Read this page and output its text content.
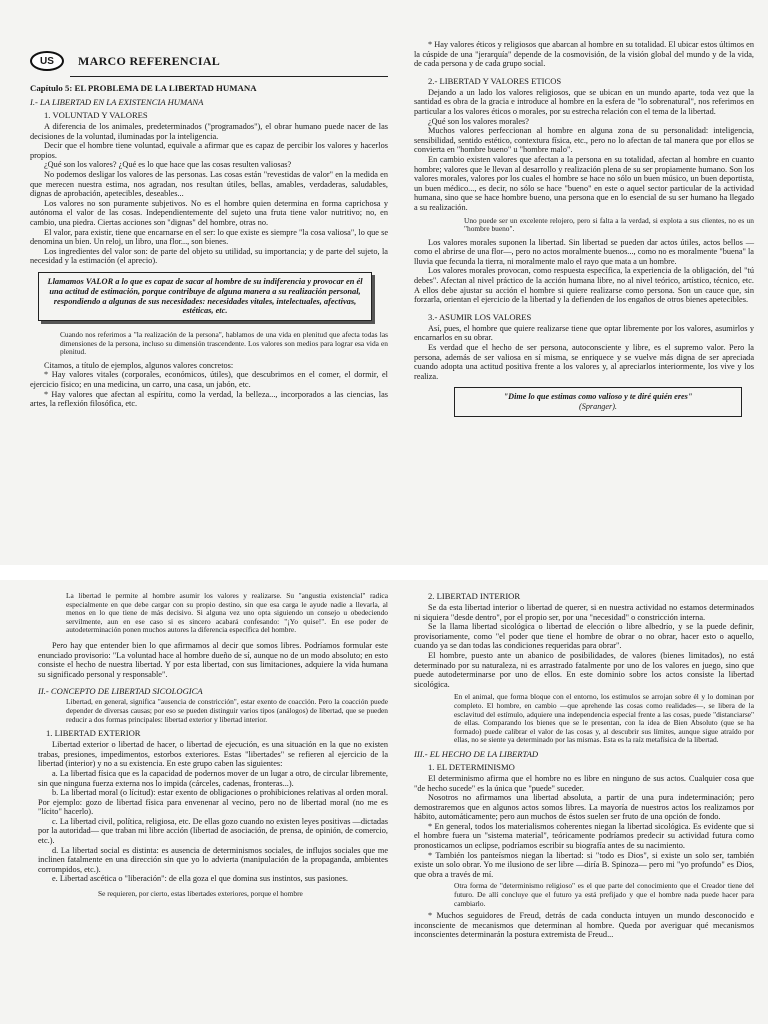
US	MARCO REFERENCIAL
Capítulo 5: EL PROBLEMA DE LA LIBERTAD HUMANA
I.- LA LIBERTAD EN LA EXISTENCIA HUMANA
1. VOLUNTAD Y VALORES

A diferencia de los animales, predeterminados ("programados"), el obrar humano puede nacer de las decisiones de la voluntad, iluminadas por la inteligencia.

Decir que el hombre tiene voluntad, equivale a afirmar que es capaz de percibir los valores y hacerlos propios.

¿Qué son los valores? ¿Qué es lo que hace que las cosas resulten valiosas?

No podemos desligar los valores de las personas. Las cosas están "revestidas de valor" en la medida en que merecen nuestra estima, nos agradan, nos resultan útiles, bellas, amables, verdaderas, saludables, dignas de aprobación, apetecibles, deseables...

Los valores no son puramente subjetivos. No es el hombre quien determina en forma caprichosa y autónoma el valor de las cosas. Independientemente del sujeto una fruta tiene valor nutritivo; no, en cambio, una piedra. Ciertas acciones son "dignas" del hombre, otras no.

El valor, para existir, tiene que encarnarse en el ser: lo que existe es siempre "la cosa valiosa", lo que se denomina un bien. Un reloj, un libro, una flor..., son bienes.

Los ingredientes del valor son: de parte del objeto su utilidad, su importancia; y de parte del sujeto, la necesidad y la estimación (el aprecio).

Llamamos VALOR a lo que es capaz de sacar al hombre de su indiferencia y provocar en él una actitud de estimación, porque contribuye de alguna manera a su realización personal, respondiendo a algunas de sus necesidades: necesidades vitales, intelectuales, afectivas, estéticas, etc.

Cuando nos referimos a "la realización de la persona", hablamos de una vida en plenitud que afecta todas las dimensiones de la persona, incluso su dimensión trascendente. Los valores son medios para lograr esa vida en plenitud.

Citamos, a título de ejemplos, algunos valores concretos:

* Hay valores vitales (corporales, económicos, útiles), que descubrimos en el comer, el dormir, el ejercicio físico; en una medicina, un carro, una casa, un jabón, etc.

* Hay valores que afectan al espíritu, como la verdad, la belleza..., incorporados a las ciencias, las artes, la reflexión filosófica, etc.

* Hay valores éticos y religiosos que abarcan al hombre en su totalidad. El ubicar estos últimos en la cúspide de una "jerarquía" depende de la cosmovisión, de la visión global del mundo y de la vida, de cada persona y de cada grupo social.

2.- LIBERTAD Y VALORES ETICOS

Dejando a un lado los valores religiosos, que se ubican en un mundo aparte, toda vez que la santidad es obra de la gracia e introduce al hombre en la esfera de "lo sobrenatural", nos referimos en particular a los valores éticos o morales, por su estrecha relación con el tema de la libertad.

¿Qué son los valores morales?

Muchos valores perfeccionan al hombre en alguna zona de su personalidad: inteligencia, sensibilidad, sentido estético, contextura física, etc., pero no lo afectan de tal manera que por ellos se convierta en "hombre bueno" u "hombre malo".

En cambio existen valores que afectan a la persona en su totalidad, afectan al hombre en cuanto hombre; valores que le llevan al desarrollo y realización plena de su ser propiamente humano. Son los valores morales, valores por los cuales el hombre se hace no sólo un buen músico, un buen deportista, un buen médico..., es decir, no sólo se hace "bueno" en este o aquel sector particular de la actividad humana, sino que se hace hombre bueno, una persona que en lo esencial de su ser humano ha llegado a su realización.

Uno puede ser un excelente relojero, pero si falta a la verdad, si explota a sus clientes, no es un "hombre bueno".

Los valores morales suponen la libertad. Sin libertad se pueden dar actos útiles, actos bellos —como el abrirse de una flor—, pero no actos moralmente buenos..., como no es moralmente "buena" la lluvia que fecunda la tierra, ni moralmente malo el rayo que mata a un hombre.

Los valores morales provocan, como respuesta específica, la experiencia de la obligación, del "tú debes". Afectan al nivel práctico de la acción humana libre, no al nivel teórico, artístico, técnico, etc. A ellos debe ajustar su acción el hombre si quiere realizarse como persona. Son un cauce que, sin forzarla, orientan el ejercicio de la libertad y la defienden de los engaños de otros bienes apetecibles.

3.- ASUMIR LOS VALORES

Así, pues, el hombre que quiere realizarse tiene que optar libremente por los valores, asumirlos y encarnarlos en su obrar.

Es verdad que el hecho de ser persona, autoconsciente y libre, es el supremo valor. Pero la persona, además de ser valiosa en sí misma, se enriquece y se vuelve más digna de ser apreciada cuando adopta una actitud positiva frente a los valores y, al apreciarlos interiormente, los vive y los realiza.

"Dime lo que estimas como valioso y te diré quién eres"
(Spranger).

La libertad le permite al hombre asumir los valores y realizarse. Su "angustia existencial" radica especialmente en que debe cargar con su propio destino, sin que esa carga le ayude nadie a llevarla, al menos en lo que tiene de más decisivo. Si alguna vez uno opta siguiendo un consejo u obedeciendo servilmente, aun en ese caso si es sincero acabará confesando: "¡Yo quise!". En ese poder de autodeterminación ponen muchos autores la diferencia específica del hombre.

Pero hay que entender bien lo que afirmamos al decir que somos libres. Podríamos formular este enunciado provisorio: "La voluntad hace al hombre dueño de sí, aunque no de un modo absoluto; en esto consiste el hecho de nuestra libertad. Y por esta libertad, con sus limitaciones, adquiere la vida humana su significado personal y responsable".

II.- CONCEPTO DE LIBERTAD SICOLOGICA

Libertad, en general, significa "ausencia de constricción", estar exento de coacción. Pero la coacción puede depender de diversas causas; por eso se pueden distinguir varios tipos (análogos) de libertad, que se pueden reducir a dos formas principales: libertad exterior y libertad interior.

1. LIBERTAD EXTERIOR

Libertad exterior o libertad de hacer, o libertad de ejecución, es una situación en la que no existen trabas, presiones, impedimentos, estorbos exteriores. Estas "libertades" se refieren al ejercicio de la libertad (interior) y no a su existencia. En este grupo caben las siguientes:

a. La libertad física que es la capacidad de podernos mover de un lugar a otro, de circular libremente, sin que ninguna fuerza externa nos lo impida (cárceles, cadenas, fronteras...).

b. La libertad moral (o lícitud): estar exento de obligaciones o prohibiciones relativas al orden moral. Por ejemplo: gozo de libertad física para envenenar al vecino, pero no de libertad moral (no me es "lícito" hacerlo).

c. La libertad civil, política, religiosa, etc. De ellas gozo cuando no existen leyes positivas —dictadas por la autoridad— que traban mi libre acción (libertad de asociación, de prensa, de opinión, de comercio, etc.).

d. La libertad social es distinta: es ausencia de determinismos sociales, de influjos sociales que me inclinen fatalmente en una dirección sin que yo lo advierta (manipulación de la propaganda, ambientes corrompidos, etc.).

e. Libertad ascética o "liberación": de ella goza el que domina sus instintos, sus pasiones.

Se requieren, por cierto, estas libertades exteriores, porque el hombre

2. LIBERTAD INTERIOR

Se da esta libertad interior o libertad de querer, si en nuestra actividad no estamos determinados ni siquiera "desde dentro", por el propio ser, por una "necesidad" o constricción interna.

Se la llama libertad sicológica o libertad de elección o libre albedrío, y se la puede definir, provisoriamente, como "el poder que tiene el hombre de obrar o no obrar, hacer esto o aquello, cuando ya se dan todas las condiciones requeridas para obrar".

El hombre, puesto ante un abanico de posibilidades, de valores (bienes limitados), no está determinado por su naturaleza, ni es arrastrado fatalmente por uno de los valores en juego, sino que puede autodeterminarse por uno de ellos. En este dominio sobre los actos consiste la libertad sicológica.

En el animal, que forma bloque con el entorno, los estímulos se arrojan sobre él y lo dominan por completo. El hombre, en cambio —que aprehende las cosas como realidades—, se libera de la esclavitud del estímulo, adquiere una independencia especial frente a las cosas, puede "distanciarse" de ellas. Comparando los bienes que se le presentan, con la idea de Bien Absoluto (que se ha formado) puede calibrar el valor de las cosas y, al descubrir sus límites, aunque sigue atraído por ellas, no se siente ya determinado por las mismas. Esta es la raíz metafísica de la libertad.

III.- EL HECHO DE LA LIBERTAD
1. EL DETERMINISMO

El determinismo afirma que el hombre no es libre en ninguno de sus actos. Cualquier cosa que "de hecho sucede" es la única que "puede" suceder.

Nosotros no afirmamos una libertad absoluta, a partir de una pura indeterminación; pero demostraremos que en algunos actos somos libres. La mayoría de nuestros actos los realizamos por hábito, automáticamente; pero aun muchos de éstos suelen ser fruto de una opción de fondo.

* En general, todos los materialismos coherentes niegan la libertad sicológica. Es evidente que si el hombre fuera un "sistema material", teóricamente podríamos predecir su actividad futura como pronosticamos un eclipse, podríamos escribir su biografía antes de su nacimiento.

* También los panteísmos niegan la libertad: si "todo es Dios", si existe un solo ser, también existe un solo obrar. Yo me ilusiono de ser libre —diría B. Spinoza— pero mi "yo profundo" es Dios, que obra a través de mí.

Otra forma de "determinismo religioso" es el que parte del conocimiento que el Creador tiene del futuro. De allí concluye que el futuro ya está prefijado y que el hombre nada puede hacer para cambiarlo.

* Muchos seguidores de Freud, detrás de cada conducta intuyen un mundo desconocido e inconsciente de mecanismos que determinan al hombre. Queda por averiguar qué mecanismos inconscientes determinarán la postura extremista de Freud...
